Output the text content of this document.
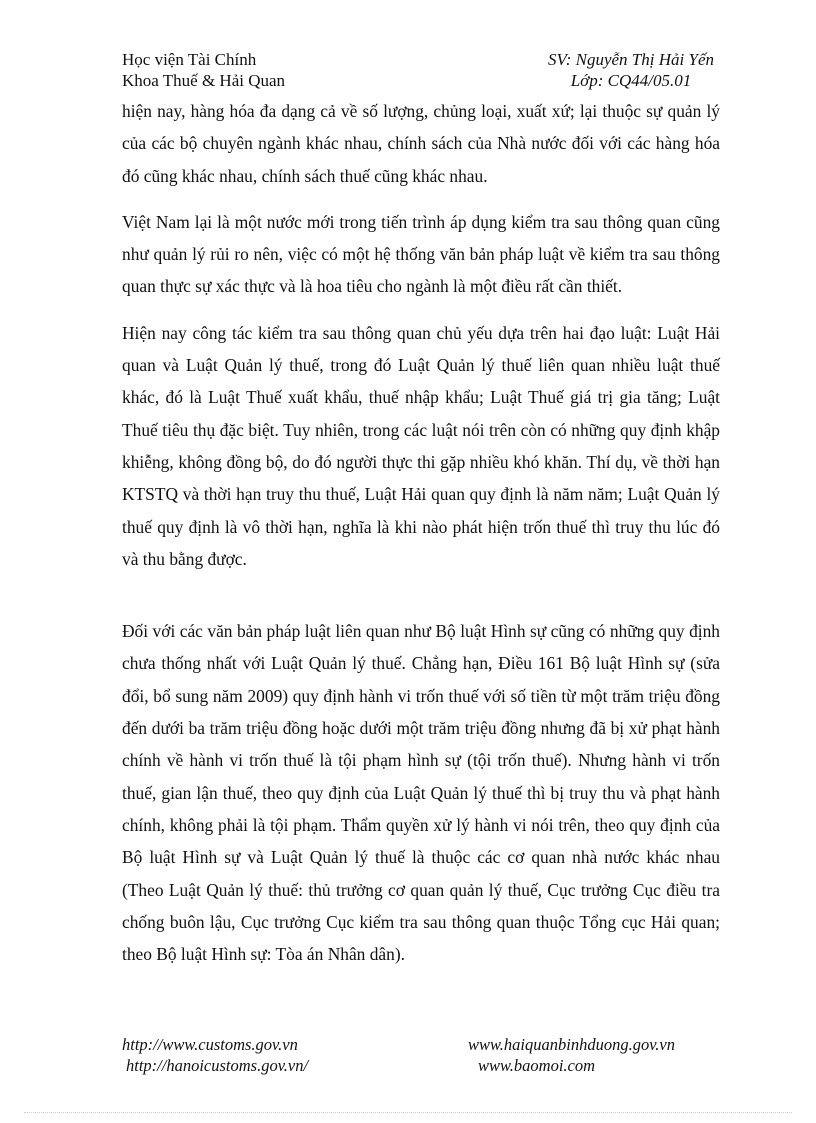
Học viện Tài Chính
Khoa Thuế & Hải Quan
SV: Nguyễn Thị Hải Yến
Lớp: CQ44/05.01

hiện nay, hàng hóa đa dạng cả về số lượng, chủng loại, xuất xứ; lại thuộc sự quản lý của các bộ chuyên ngành khác nhau, chính sách của Nhà nước đối với các hàng hóa đó cũng khác nhau, chính sách thuế cũng khác nhau.

Việt Nam lại là một nước mới trong tiến trình áp dụng kiểm tra sau thông quan cũng như quản lý rủi ro nên, việc có một hệ thống văn bản pháp luật về kiểm tra sau thông quan thực sự xác thực và là hoa tiêu cho ngành là một điều rất cần thiết.

Hiện nay công tác kiểm tra sau thông quan chủ yếu dựa trên hai đạo luật: Luật Hải quan và Luật Quản lý thuế, trong đó Luật Quản lý thuế liên quan nhiều luật thuế khác, đó là Luật Thuế xuất khẩu, thuế nhập khẩu; Luật Thuế giá trị gia tăng; Luật Thuế tiêu thụ đặc biệt. Tuy nhiên, trong các luật nói trên còn có những quy định khập khiễng, không đồng bộ, do đó người thực thi gặp nhiều khó khăn. Thí dụ, về thời hạn KTSTQ và thời hạn truy thu thuế, Luật Hải quan quy định là năm năm; Luật Quản lý thuế quy định là vô thời hạn, nghĩa là khi nào phát hiện trốn thuế thì truy thu lúc đó và thu bằng được.

Đối với các văn bản pháp luật liên quan như Bộ luật Hình sự cũng có những quy định chưa thống nhất với Luật Quản lý thuế. Chẳng hạn, Điều 161 Bộ luật Hình sự (sửa đổi, bổ sung năm 2009) quy định hành vi trốn thuế với số tiền từ một trăm triệu đồng đến dưới ba trăm triệu đồng hoặc dưới một trăm triệu đồng nhưng đã bị xử phạt hành chính về hành vi trốn thuế là tội phạm hình sự (tội trốn thuế). Nhưng hành vi trốn thuế, gian lận thuế, theo quy định của Luật Quản lý thuế thì bị truy thu và phạt hành chính, không phải là tội phạm. Thẩm quyền xử lý hành vi nói trên, theo quy định của Bộ luật Hình sự và Luật Quản lý thuế là thuộc các cơ quan nhà nước khác nhau (Theo Luật Quản lý thuế: thủ trưởng cơ quan quản lý thuế, Cục trưởng Cục điều tra chống buôn lậu, Cục trưởng Cục kiểm tra sau thông quan thuộc Tổng cục Hải quan; theo Bộ luật Hình sự: Tòa án Nhân dân).

http://www.customs.gov.vn
http://hanoicustoms.gov.vn/
www.haiquanbinhduong.gov.vn
www.baomoi.com
